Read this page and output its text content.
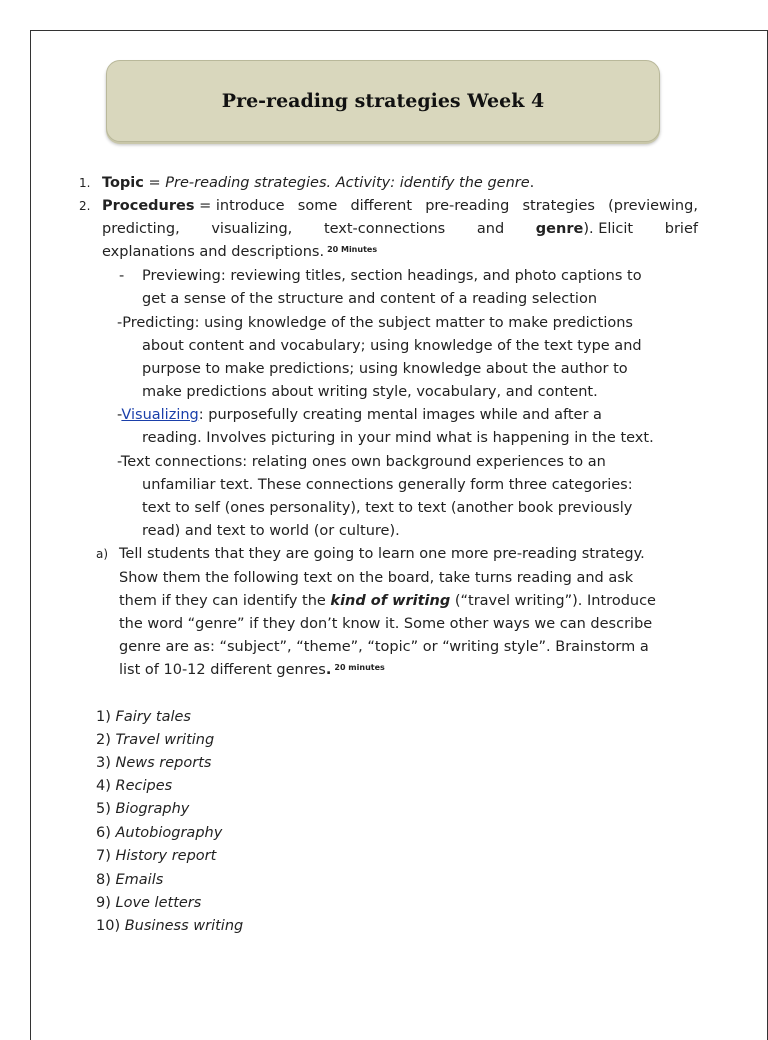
Pre-reading strategies Week 4
1. Topic = Pre-reading strategies. Activity: identify the genre.
2. Procedures = introduce some different pre-reading strategies (previewing,
predicting, visualizing, text-connections and genre). Elicit brief
explanations and descriptions. $^{20 Minutes}$
- Previewing: reviewing titles, section headings, and photo captions to
get a sense of the structure and content of a reading selection
-Predicting: using knowledge of the subject matter to make predictions
about content and vocabulary; using knowledge of the text type and
purpose to make predictions; using knowledge about the author to
make predictions about writing style, vocabulary, and content.
-Visualizing: purposefully creating mental images while and after a
reading. Involves picturing in your mind what is happening in the text.
-Text connections: relating ones own background experiences to an
unfamiliar text. These connections generally form three categories:
text to self (ones personality), text to text (another book previously
read) and text to world (or culture).
a) Tell students that they are going to learn one more pre-reading strategy.
Show them the following text on the board, take turns reading and ask
them if they can identify the kind of writing (“travel writing”). Introduce
the word “genre” if they don’t know it. Some other ways we can describe
genre are as: “subject”, “theme”, “topic” or “writing style”. Brainstorm a
list of 10-12 different genres. $^{20 minutes}$
1) Fairy tales
2) Travel writing
3) News reports
4) Recipes
5) Biography
6) Autobiography
7) History report
8) Emails
9) Love letters
10) Business writing
